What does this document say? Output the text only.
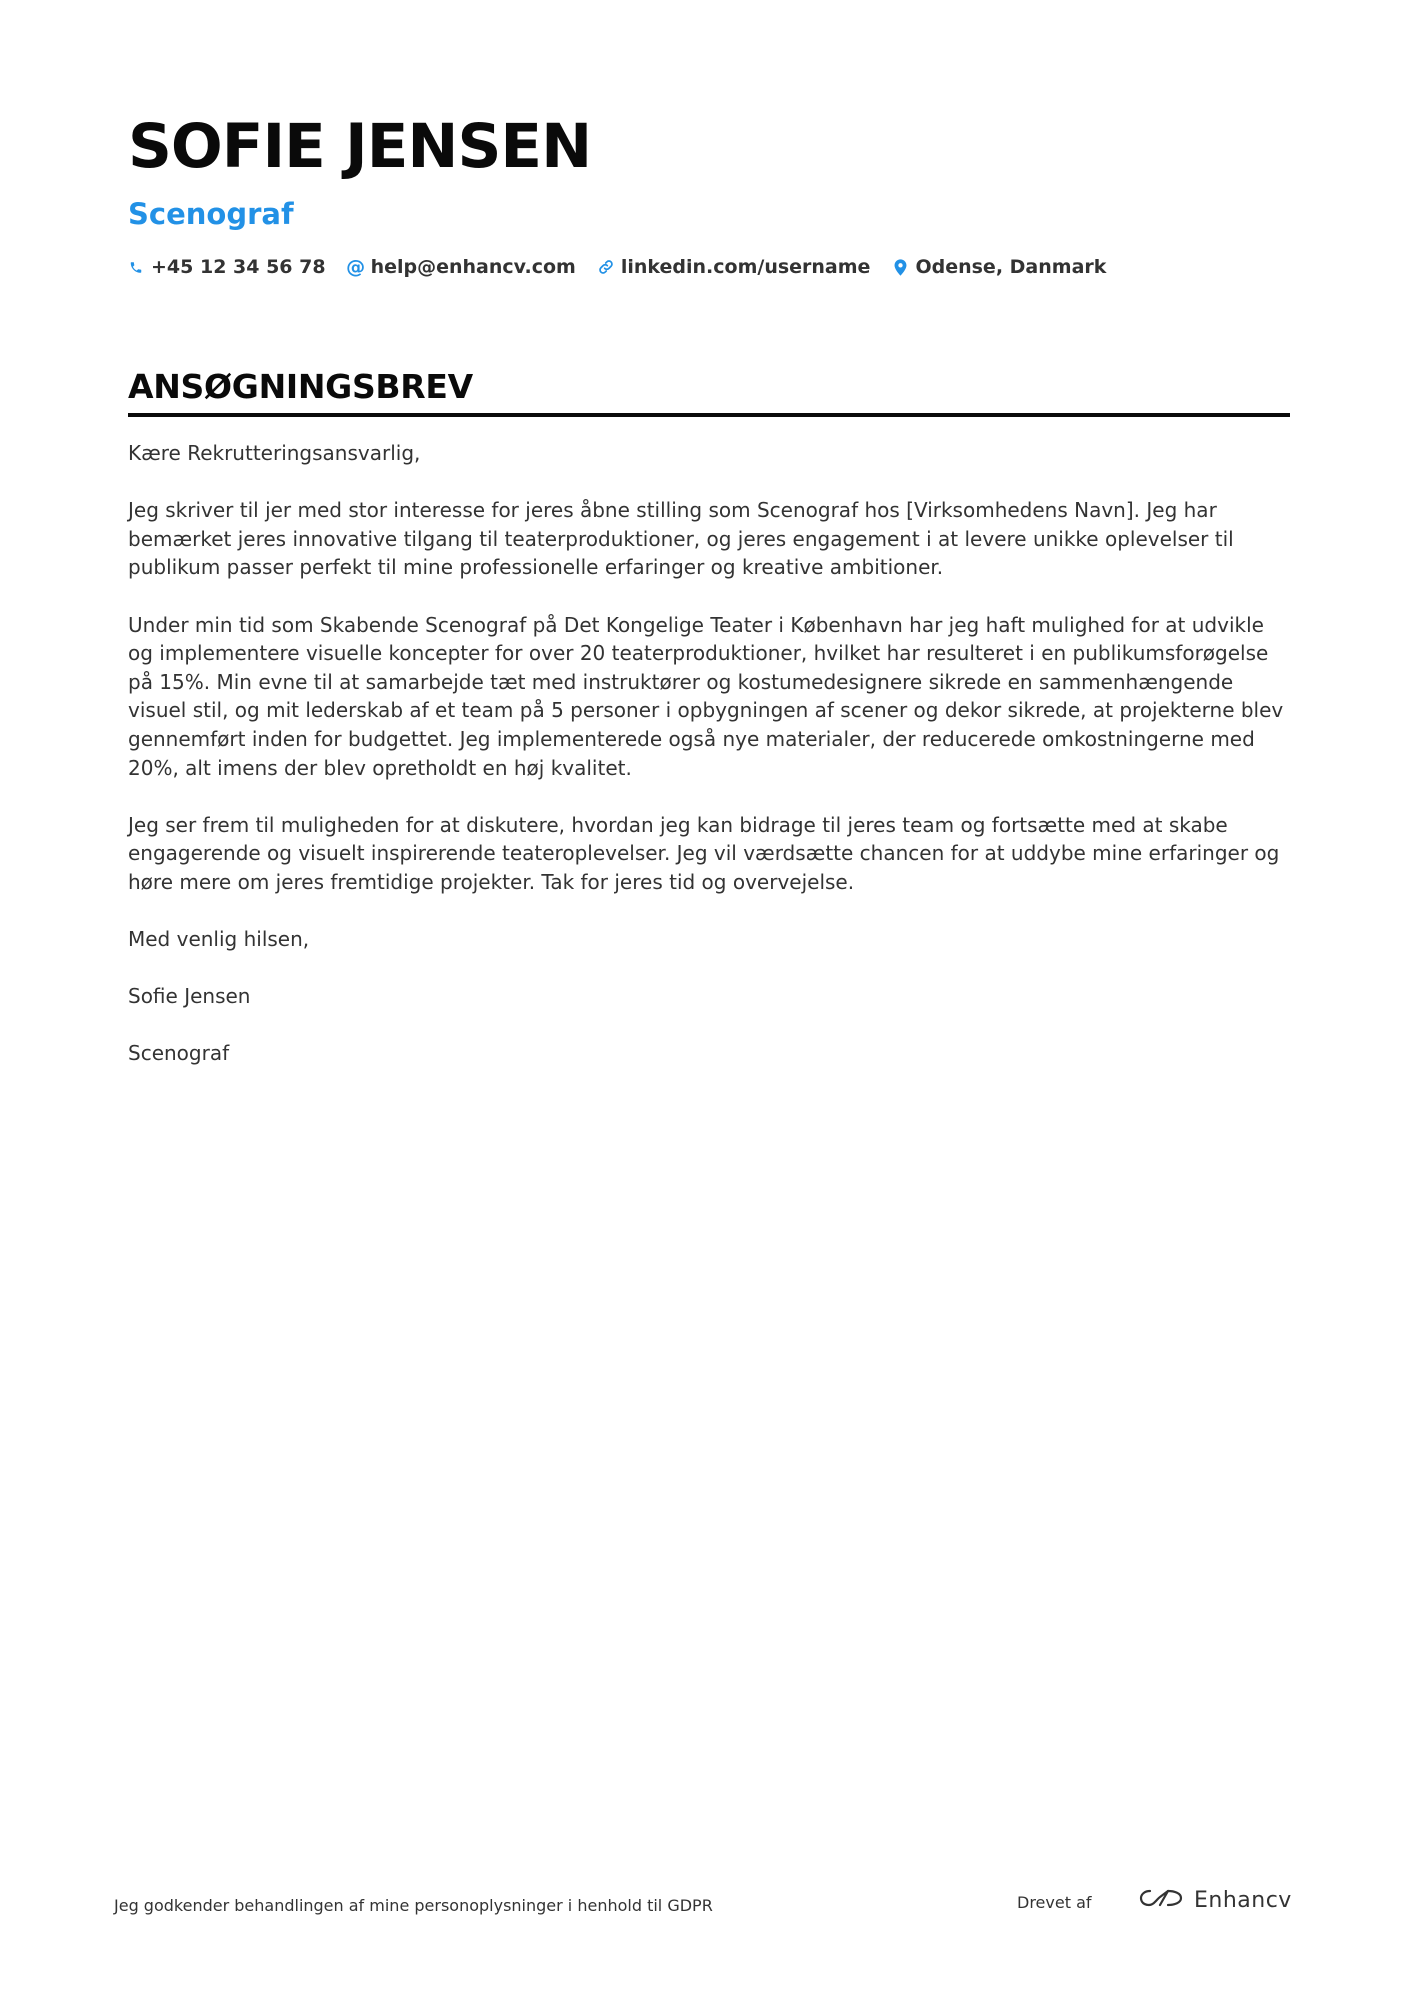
SOFIE JENSEN
Scenograf
+45 12 34 56 78 @ help@enhancv.com linkedin.com/username Odense, Danmark
ANSØGNINGSBREV

Kære Rekrutteringsansvarlig,

Jeg skriver til jer med stor interesse for jeres åbne stilling som Scenograf hos [Virksomhedens Navn]. Jeg har bemærket jeres innovative tilgang til teaterproduktioner, og jeres engagement i at levere unikke oplevelser til publikum passer perfekt til mine professionelle erfaringer og kreative ambitioner.

Under min tid som Skabende Scenograf på Det Kongelige Teater i København har jeg haft mulighed for at udvikle og implementere visuelle koncepter for over 20 teaterproduktioner, hvilket har resulteret i en publikumsforøgelse på 15%. Min evne til at samarbejde tæt med instruktører og kostumedesignere sikrede en sammenhængende visuel stil, og mit lederskab af et team på 5 personer i opbygningen af scener og dekor sikrede, at projekterne blev gennemført inden for budgettet. Jeg implementerede også nye materialer, der reducerede omkostningerne med 20%, alt imens der blev opretholdt en høj kvalitet.

Jeg ser frem til muligheden for at diskutere, hvordan jeg kan bidrage til jeres team og fortsætte med at skabe engagerende og visuelt inspirerende teateroplevelser. Jeg vil værdsætte chancen for at uddybe mine erfaringer og høre mere om jeres fremtidige projekter. Tak for jeres tid og overvejelse.

Med venlig hilsen,

Sofie Jensen

Scenograf

Jeg godkender behandlingen af mine personoplysninger i henhold til GDPR	Drevet af	Enhancv
